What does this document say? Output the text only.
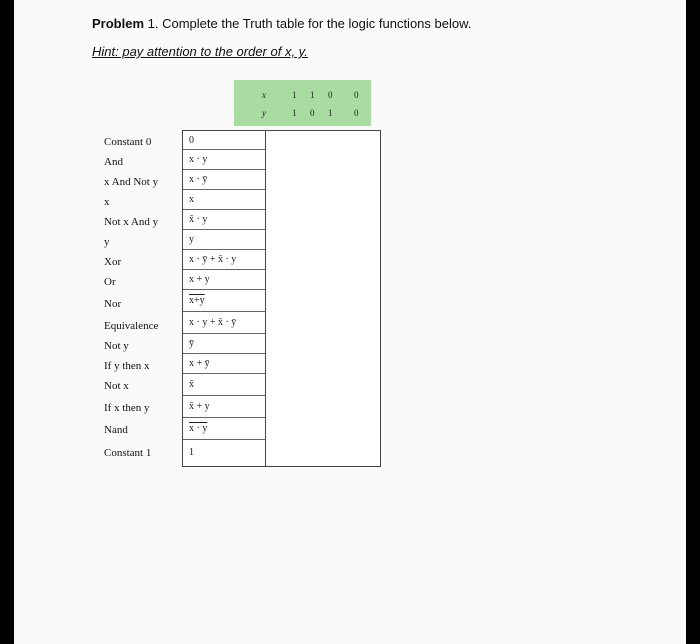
Problem 1. Complete the Truth table for the logic functions below.
Hint: pay attention to the order of x, y.
x	1 1 0 0
y	1 0 1 0
Constant 0
And
x And Not y
x
Not x And y
y
Xor
Or
Nor
Equivalence
Not y
If y then x
Not x
If x then y
Nand
Constant 1
0
x · y
x · ȳ
x
x̄ · y
y
x · ȳ + x̄ · y
x + y
x+y
x · y + x̄ · ȳ
ȳ
x + ȳ
x̄
x̄ + y
x · y
1
